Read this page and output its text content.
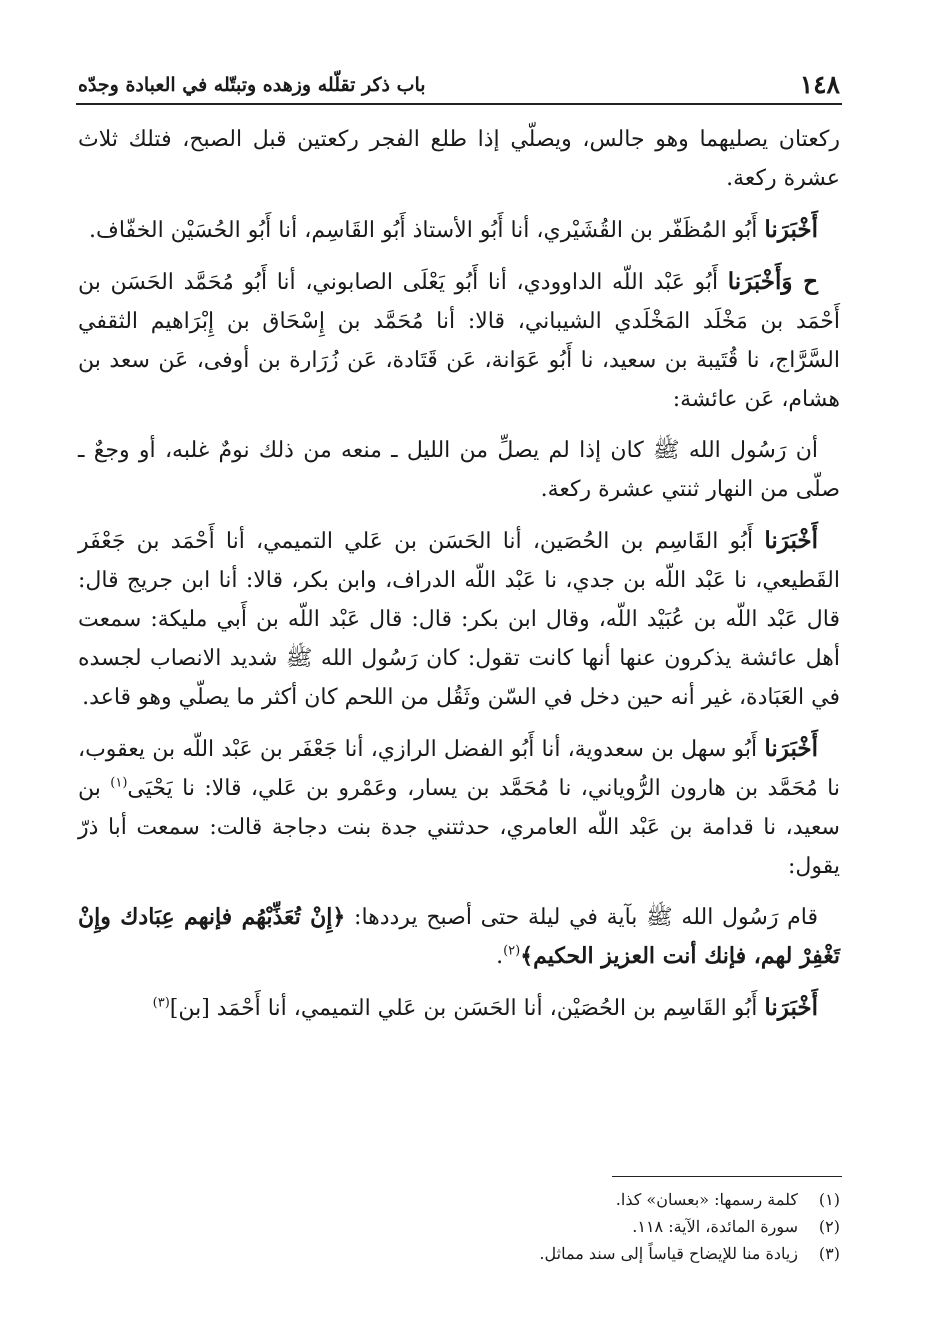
١٤٨
باب ذكر تقلّله وزهده وتبتّله في العبادة وجدّه

ركعتان يصليهما وهو جالس، ويصلّي إذا طلع الفجر ركعتين قبل الصبح، فتلك ثلاث عشرة ركعة.

أَخْبَرَنا أَبُو المُظَفّر بن القُشَيْري، أنا أَبُو الأستاذ أَبُو القَاسِم، أنا أَبُو الحُسَيْن الخفّاف.

ح وَأَخْبَرَنا أَبُو عَبْد اللّه الداوودي، أنا أَبُو يَعْلَى الصابوني، أنا أَبُو مُحَمَّد الحَسَن بن أَحْمَد بن مَخْلَد المَخْلَدي الشيباني، قالا: أنا مُحَمَّد بن إِسْحَاق بن إِبْرَاهيم الثقفي السَّرَّاج، نا قُتَيبة بن سعيد، نا أَبُو عَوَانة، عَن قَتَادة، عَن زُرَارة بن أوفى، عَن سعد بن هشام، عَن عائشة:

أن رَسُول الله ﷺ كان إذا لم يصلِّ من الليل ـ منعه من ذلك نومٌ غلبه، أو وجعٌ ـ صلّى من النهار ثنتي عشرة ركعة.

أَخْبَرَنا أَبُو القَاسِم بن الحُصَين، أنا الحَسَن بن عَلي التميمي، أنا أَحْمَد بن جَعْفَر القَطيعي، نا عَبْد اللّه بن جدي، نا عَبْد اللّه الدراف، وابن بكر، قالا: أنا ابن جريج قال: قال عَبْد اللّه بن عُبَيْد اللّه، وقال ابن بكر: قال: قال عَبْد اللّه بن أَبي مليكة: سمعت أهل عائشة يذكرون عنها أنها كانت تقول: كان رَسُول الله ﷺ شديد الانصاب لجسده في العَبَادة، غير أنه حين دخل في السّن وثَقُل من اللحم كان أكثر ما يصلّي وهو قاعد.

أَخْبَرَنا أَبُو سهل بن سعدوية، أنا أَبُو الفضل الرازي، أنا جَعْفَر بن عَبْد اللّه بن يعقوب، نا مُحَمَّد بن هارون الرُّوياني، نا مُحَمَّد بن يسار، وعَمْرو بن عَلي، قالا: نا يَحْيَى$^{(١)}$ بن سعيد، نا قدامة بن عَبْد اللّه العامري، حدثتني جدة بنت دجاجة قالت: سمعت أبا ذرّ يقول:

قام رَسُول الله ﷺ بآية في ليلة حتى أصبح يرددها: ﴿إِنْ تُعَذِّبْهُم فإنهم عِبَادك وإِنْ تَغْفِرْ لهم، فإنك أنت العزيز الحكيم﴾$^{(٢)}$.

أَخْبَرَنا أَبُو القَاسِم بن الحُصَيْن، أنا الحَسَن بن عَلي التميمي، أنا أَحْمَد [بن]$^{(٣)}$

(١)كلمة رسمها: «بعسان» كذا.

(٢)سورة المائدة، الآية: ١١٨.

(٣)زيادة منا للإيضاح قياساً إلى سند مماثل.
